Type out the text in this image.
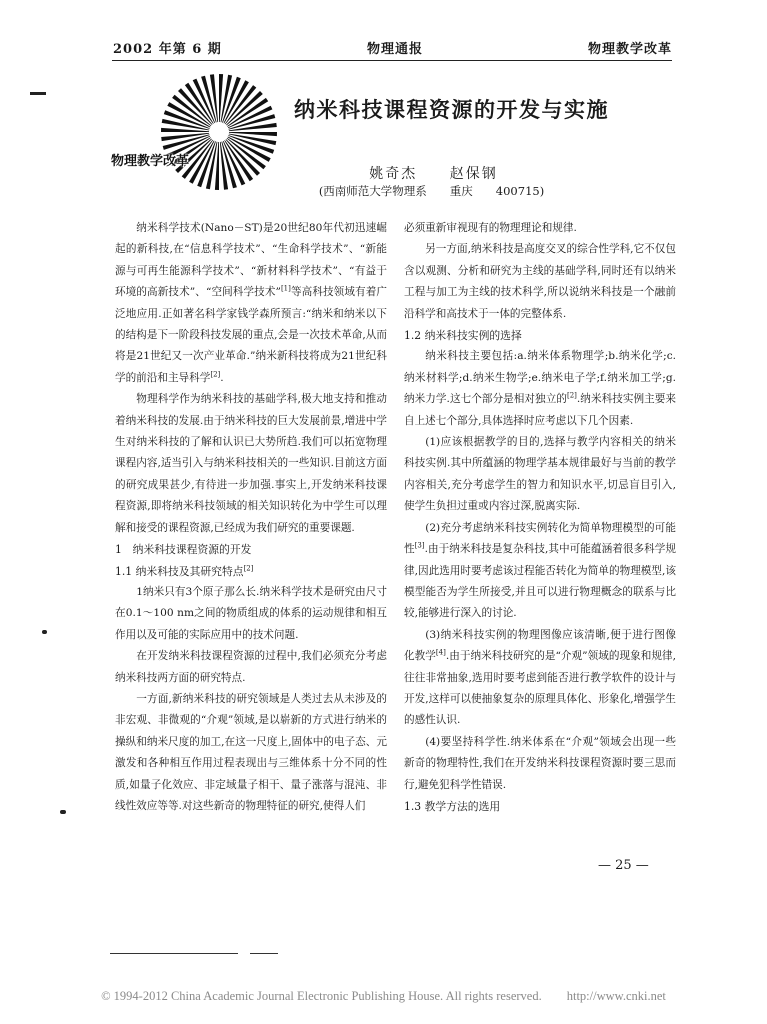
2002 年第 6 期	物理通报	物理教学改革
物理教学改革
纳米科技课程资源的开发与实施
姚奇杰 赵保钢
(西南师范大学物理系　　重庆　　400715)

纳米科学技术(Nano－ST)是20世纪80年代初迅速崛起的新科技,在“信息科学技术”、“生命科学技术”、“新能源与可再生能源科学技术”、“新材料科学技术”、“有益于环境的高新技术”、“空间科学技术”[1]等高科技领域有着广泛地应用.正如著名科学家钱学森所预言:“纳米和纳米以下的结构是下一阶段科技发展的重点,会是一次技术革命,从而将是21世纪又一次产业革命.”纳米新科技将成为21世纪科学的前沿和主导科学[2].

物理科学作为纳米科技的基础学科,极大地支持和推动着纳米科技的发展.由于纳米科技的巨大发展前景,增进中学生对纳米科技的了解和认识已大势所趋.我们可以拓宽物理课程内容,适当引入与纳米科技相关的一些知识.目前这方面的研究成果甚少,有待进一步加强.事实上,开发纳米科技课程资源,即将纳米科技领域的相关知识转化为中学生可以理解和接受的课程资源,已经成为我们研究的重要课题.

1　纳米科技课程资源的开发
1.1 纳米科技及其研究特点[2]

1纳米只有3个原子那么长.纳米科学技术是研究由尺寸在0.1～100 nm之间的物质组成的体系的运动规律和相互作用以及可能的实际应用中的技术问题.

在开发纳米科技课程资源的过程中,我们必须充分考虑纳米科技两方面的研究特点.

一方面,新纳米科技的研究领域是人类过去从未涉及的非宏观、非微观的“介观”领域,是以崭新的方式进行纳米的操纵和纳米尺度的加工,在这一尺度上,固体中的电子态、元激发和各种相互作用过程表现出与三维体系十分不同的性质,如量子化效应、非定域量子相干、量子涨落与混沌、非线性效应等等.对这些新奇的物理特征的研究,使得人们

必须重新审视现有的物理理论和规律.

另一方面,纳米科技是高度交叉的综合性学科,它不仅包含以观测、分析和研究为主线的基础学科,同时还有以纳米工程与加工为主线的技术科学,所以说纳米科技是一个融前沿科学和高技术于一体的完整体系.

1.2 纳米科技实例的选择

纳米科技主要包括:a.纳米体系物理学;b.纳米化学;c.纳米材料学;d.纳米生物学;e.纳米电子学;f.纳米加工学;g.纳米力学.这七个部分是相对独立的[2].纳米科技实例主要来自上述七个部分,具体选择时应考虑以下几个因素.

(1)应该根据教学的目的,选择与教学内容相关的纳米科技实例.其中所蕴涵的物理学基本规律最好与当前的教学内容相关,充分考虑学生的智力和知识水平,切忌盲目引入,使学生负担过重或内容过深,脱离实际.

(2)充分考虑纳米科技实例转化为简单物理模型的可能性[3].由于纳米科技是复杂科技,其中可能蕴涵着很多科学规律,因此选用时要考虑该过程能否转化为简单的物理模型,该模型能否为学生所接受,并且可以进行物理概念的联系与比较,能够进行深入的讨论.

(3)纳米科技实例的物理图像应该清晰,便于进行图像化教学[4].由于纳米科技研究的是“介观”领域的现象和规律,往往非常抽象,选用时要考虑到能否进行教学软件的设计与开发,这样可以使抽象复杂的原理具体化、形象化,增强学生的感性认识.

(4)要坚持科学性.纳米体系在“介观”领域会出现一些新奇的物理特性,我们在开发纳米科技课程资源时要三思而行,避免犯科学性错误.

1.3 教学方法的选用
— 25 —
© 1994-2012 China Academic Journal Electronic Publishing House. All rights reserved.　　http://www.cnki.net
